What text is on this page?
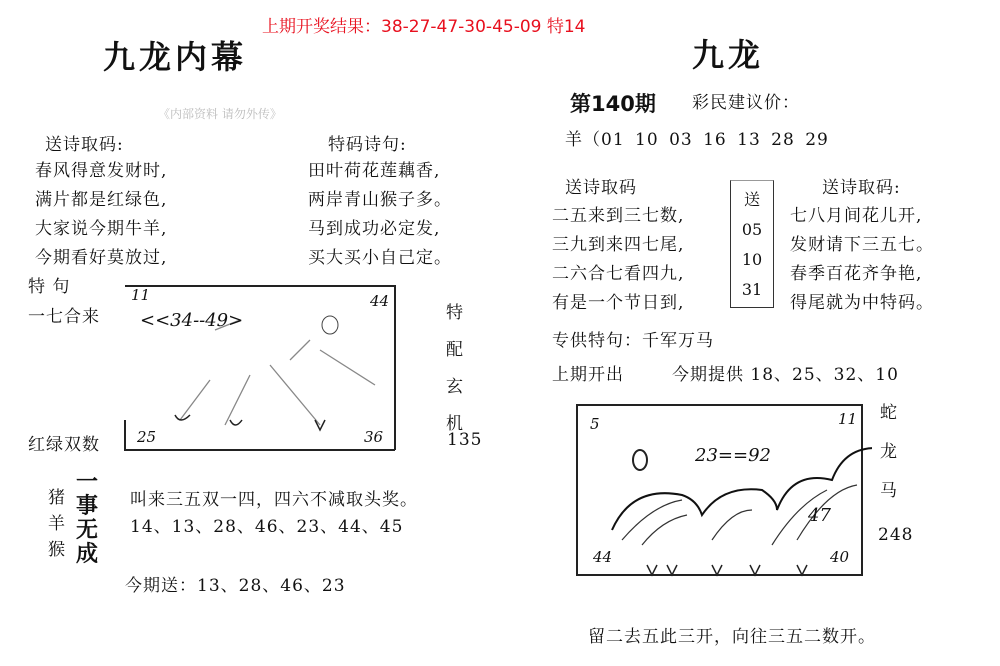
上期开奖结果：38-27-47-30-45-09 特14
九龙内幕
《内部资料 请勿外传》
送诗取码:	特码诗句:
春风得意发财时,
满片都是红绿色,
大家说今期牛羊,
今期看好莫放过,
田叶荷花莲藕香,
两岸青山猴子多。
马到成功必定发,
买大买小自己定。
特 句
一七合来
红绿双数
11	44
<<34--49>
25	36
特
配
玄
机
135
猪
羊
猴
一
事
无
成
叫来三五双一四，四六不减取头奖。
14、13、28、46、23、44、45
今期送：13、28、46、23
九龙
第140期 彩民建议价：
羊（01 10 03 16 13 28 29
送诗取码	送诗取码:
二五来到三七数,
三九到来四七尾,
二六合七看四九,
有是一个节日到,
送
05
10
31
七八月间花儿开,
发财请下三五七。
春季百花齐争艳,
得尾就为中特码。
专供特句：千军万马
上期开出	今期提供 18、25、32、10
5	11
23==92
47
44	40
蛇
龙
马
248
留二去五此三开，向往三五二数开。
